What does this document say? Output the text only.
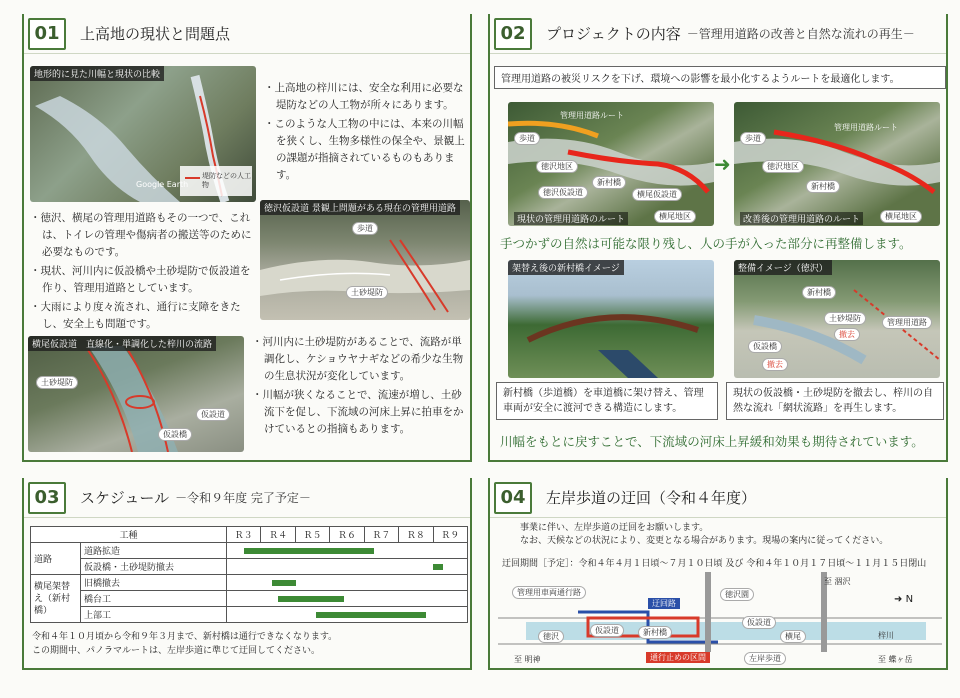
01	上高地の現状と問題点
地形的に見た川幅と現状の比較
Google Earth
堤防などの人工物
・上高地の梓川には、安全な利用に必要な堤防などの人工物が所々にあります。
・このような人工物の中には、本来の川幅を狭くし、生物多様性の保全や、景観上の課題が指摘されているものもあります。
・徳沢、横尾の管理用道路もその一つで、これは、トイレの管理や傷病者の搬送等のために必要なものです。
・現状、河川内に仮設橋や土砂堤防で仮設道を作り、管理用道路としています。
・大雨により度々流され、通行に支障をきたし、安全上も問題です。
徳沢仮設道 景観上問題がある現在の管理用道路
歩道
土砂堤防
横尾仮設道　直線化・単調化した梓川の流路
土砂堤防
仮設道
仮設橋
・河川内に土砂堤防があることで、流路が単調化し、ケショウヤナギなどの希少な生物の生息状況が変化しています。
・川幅が狭くなることで、流速が増し、土砂流下を促し、下流域の河床上昇に拍車をかけているとの指摘もあります。
02	プロジェクトの内容 －管理用道路の改善と自然な流れの再生－
管理用道路の被災リスクを下げ、環境への影響を最小化するようルートを最適化します。
歩道
徳沢地区
徳沢仮設道
新村橋
横尾仮設道
横尾地区
管理用道路ルート
現状の管理用道路のルート
➜
歩道
徳沢地区
新村橋
横尾地区
管理用道路ルート
改善後の管理用道路のルート
手つかずの自然は可能な限り残し、人の手が入った部分に再整備します。
架替え後の新村橋イメージ	整備イメージ（徳沢）
新村橋
土砂堤防
撤去
仮設橋
撤去
管理用道路
新村橋（歩道橋）を車道橋に架け替え、管理車両が安全に渡河できる構造にします。
現状の仮設橋・土砂堤防を撤去し、梓川の自然な流れ「網状流路」を再生します。
川幅をもとに戻すことで、下流域の河床上昇緩和効果も期待されています。
03	スケジュール －令和９年度 完了予定－
工種		Ｒ３	Ｒ４	Ｒ５	Ｒ６	Ｒ７	Ｒ８	Ｒ９
道路	道路拡造							

	仮設橋・土砂堤防撤去							

横尾架替え（新村橋）	旧橋撤去							

	橋台工							

	上部工							
令和４年１０月頃から令和９年３月まで、新村橋は通行できなくなります。
この期間中、パノラマルートは、左岸歩道に準じて迂回してください。
04	左岸歩道の迂回（令和４年度）
事業に伴い、左岸歩道の迂回をお願いします。
なお、天候などの状況により、変更となる場合があります。現場の案内に従ってください。
迂回期間［予定］：令和４年４月１日頃～７月１０日頃 及び 令和４年１０月１７日頃～１１月１５日閉山
管理用車両通行路
迂回路
徳沢園
至 涸沢
➜ N
徳沢
仮設道	新村橋
仮設道
横尾	梓川
至 明神	通行止めの区間	左岸歩道	至 蝶ヶ岳
